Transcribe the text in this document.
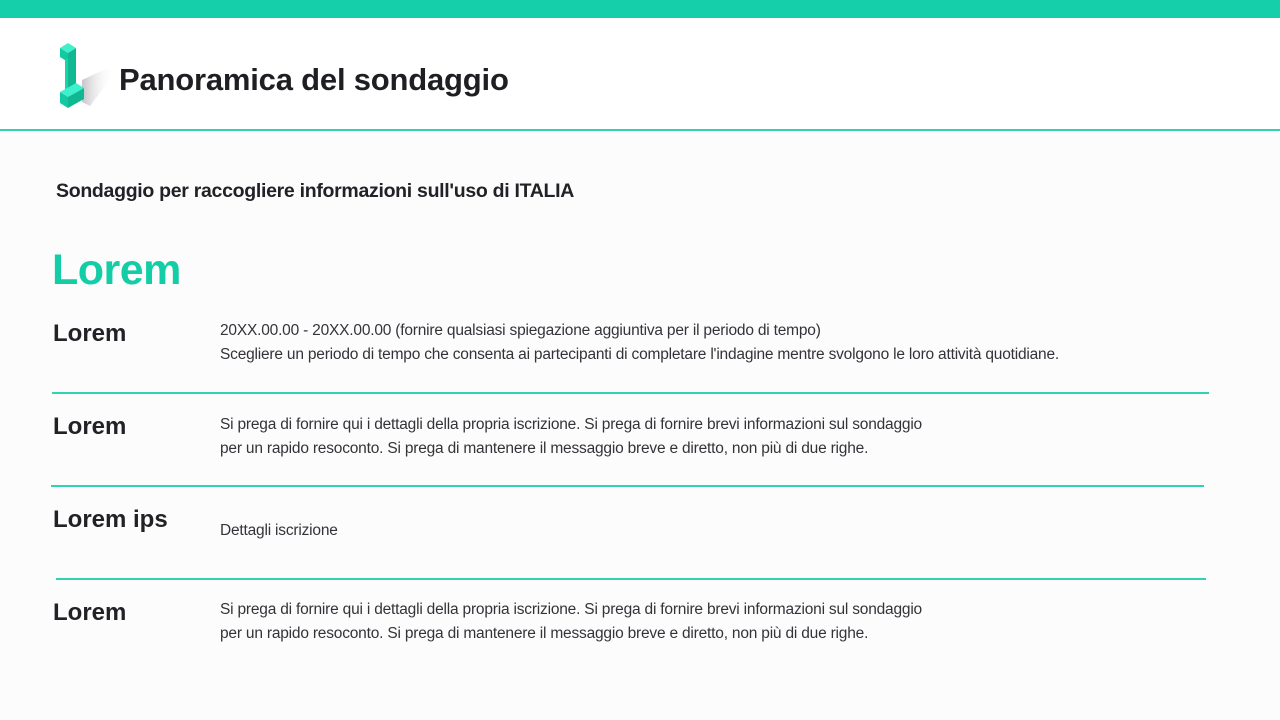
Panoramica del sondaggio
Sondaggio per raccogliere informazioni sull'uso di ITALIA
Lorem
Lorem	20XX.00.00 - 20XX.00.00 (fornire qualsiasi spiegazione aggiuntiva per il periodo di tempo)
Scegliere un periodo di tempo che consenta ai partecipanti di completare l'indagine mentre svolgono le loro attività quotidiane.
Lorem	Si prega di fornire qui i dettagli della propria iscrizione. Si prega di fornire brevi informazioni sul sondaggio
per un rapido resoconto. Si prega di mantenere il messaggio breve e diretto, non più di due righe.
Lorem ips	Dettagli iscrizione
Lorem	Si prega di fornire qui i dettagli della propria iscrizione. Si prega di fornire brevi informazioni sul sondaggio
per un rapido resoconto. Si prega di mantenere il messaggio breve e diretto, non più di due righe.
